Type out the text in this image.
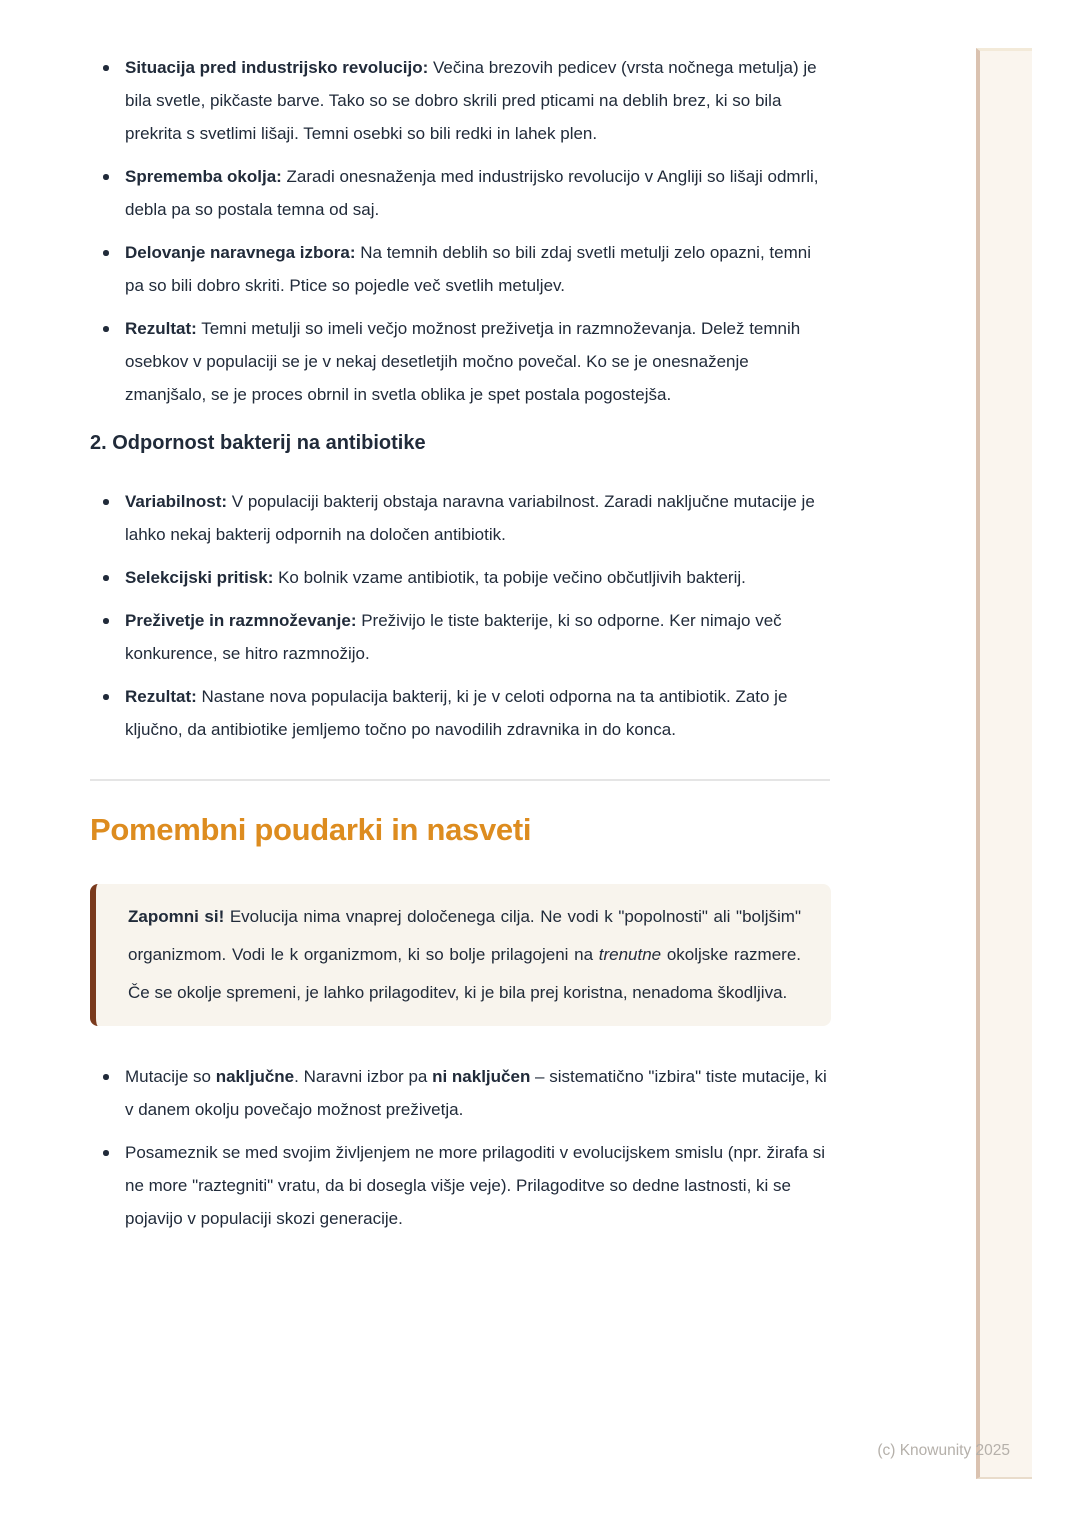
Situacija pred industrijsko revolucijo: Večina brezovih pedicev (vrsta nočnega metulja) je bila svetle, pikčaste barve. Tako so se dobro skrili pred pticami na deblih brez, ki so bila prekrita s svetlimi lišaji. Temni osebki so bili redki in lahek plen.
Sprememba okolja: Zaradi onesnaženja med industrijsko revolucijo v Angliji so lišaji odmrli, debla pa so postala temna od saj.
Delovanje naravnega izbora: Na temnih deblih so bili zdaj svetli metulji zelo opazni, temni pa so bili dobro skriti. Ptice so pojedle več svetlih metuljev.
Rezultat: Temni metulji so imeli večjo možnost preživetja in razmnoževanja. Delež temnih osebkov v populaciji se je v nekaj desetletjih močno povečal. Ko se je onesnaženje zmanjšalo, se je proces obrnil in svetla oblika je spet postala pogostejša.
2. Odpornost bakterij na antibiotike
Variabilnost: V populaciji bakterij obstaja naravna variabilnost. Zaradi naključne mutacije je lahko nekaj bakterij odpornih na določen antibiotik.
Selekcijski pritisk: Ko bolnik vzame antibiotik, ta pobije večino občutljivih bakterij.
Preživetje in razmnoževanje: Preživijo le tiste bakterije, ki so odporne. Ker nimajo več konkurence, se hitro razmnožijo.
Rezultat: Nastane nova populacija bakterij, ki je v celoti odporna na ta antibiotik. Zato je ključno, da antibiotike jemljemo točno po navodilih zdravnika in do konca.
Pomembni poudarki in nasveti

Zapomni si! Evolucija nima vnaprej določenega cilja. Ne vodi k "popolnosti" ali "boljšim" organizmom. Vodi le k organizmom, ki so bolje prilagojeni na trenutne okoljske razmere. Če se okolje spremeni, je lahko prilagoditev, ki je bila prej koristna, nenadoma škodljiva.

Mutacije so naključne. Naravni izbor pa ni naključen – sistematično "izbira" tiste mutacije, ki v danem okolju povečajo možnost preživetja.
Posameznik se med svojim življenjem ne more prilagoditi v evolucijskem smislu (npr. žirafa si ne more "raztegniti" vratu, da bi dosegla višje veje). Prilagoditve so dedne lastnosti, ki se pojavijo v populaciji skozi generacije.
(c) Knowunity 2025
